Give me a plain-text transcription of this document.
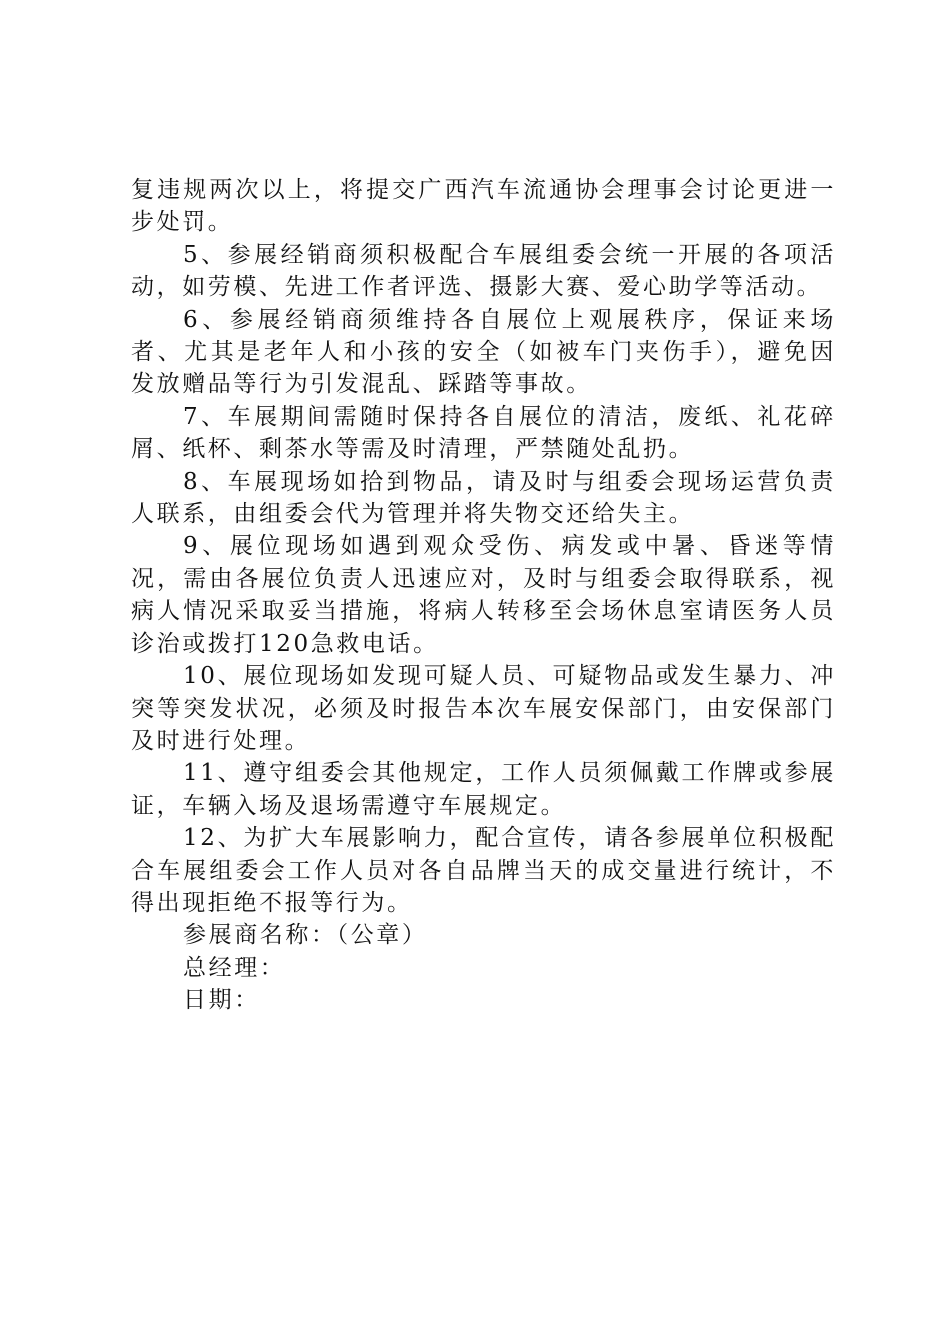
复违规两次以上，将提交广西汽车流通协会理事会讨论更进一步处罚。

5、参展经销商须积极配合车展组委会统一开展的各项活动，如劳模、先进工作者评选、摄影大赛、爱心助学等活动。

6、参展经销商须维持各自展位上观展秩序，保证来场者、尤其是老年人和小孩的安全（如被车门夹伤手），避免因发放赠品等行为引发混乱、踩踏等事故。

7、车展期间需随时保持各自展位的清洁，废纸、礼花碎屑、纸杯、剩茶水等需及时清理，严禁随处乱扔。

8、车展现场如拾到物品，请及时与组委会现场运营负责人联系，由组委会代为管理并将失物交还给失主。

9、展位现场如遇到观众受伤、病发或中暑、昏迷等情况，需由各展位负责人迅速应对，及时与组委会取得联系，视病人情况采取妥当措施，将病人转移至会场休息室请医务人员诊治或拨打120急救电话。

10、展位现场如发现可疑人员、可疑物品或发生暴力、冲突等突发状况，必须及时报告本次车展安保部门，由安保部门及时进行处理。

11、遵守组委会其他规定，工作人员须佩戴工作牌或参展证，车辆入场及退场需遵守车展规定。

12、为扩大车展影响力，配合宣传，请各参展单位积极配合车展组委会工作人员对各自品牌当天的成交量进行统计，不得出现拒绝不报等行为。

参展商名称：（公章）

总经理：

日期：
